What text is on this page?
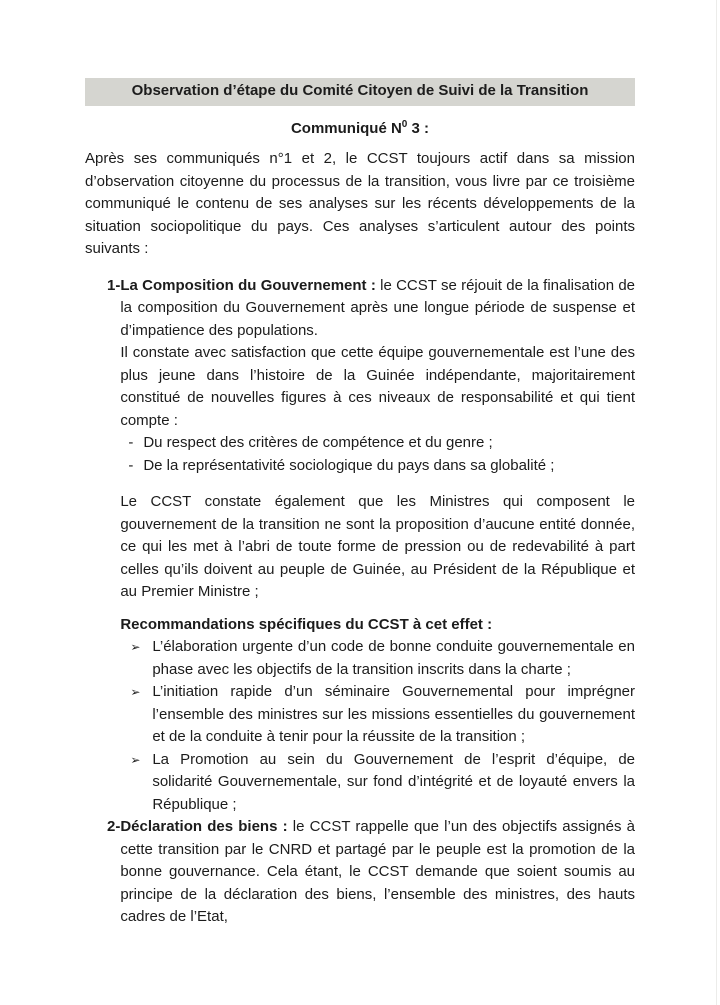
Observation d’étape du Comité Citoyen de Suivi de la Transition
Communiqué $N^0$ 3 :
Après ses communiqués n°1 et 2, le CCST toujours actif dans sa mission d’observation citoyenne du processus de la transition, vous livre par ce troisième communiqué le contenu de ses analyses sur les récents développements de la situation sociopolitique du pays. Ces analyses s’articulent autour des points suivants :
1- La Composition du Gouvernement : le CCST se réjouit de la finalisation de la composition du Gouvernement après une longue période de suspense et d’impatience des populations.
Il constate avec satisfaction que cette équipe gouvernementale est l’une des plus jeune dans l’histoire de la Guinée indépendante, majoritairement constitué de nouvelles figures à ces niveaux de responsabilité et qui tient compte :
- Du respect des critères de compétence et du genre ;
- De la représentativité sociologique du pays dans sa globalité ;
Le CCST constate également que les Ministres qui composent le gouvernement de la transition ne sont la proposition d’aucune entité donnée, ce qui les met à l’abri de toute forme de pression ou de redevabilité à part celles qu’ils doivent au peuple de Guinée, au Président de la République et au Premier Ministre ;
Recommandations spécifiques du CCST à cet effet :
➢ L’élaboration urgente d’un code de bonne conduite gouvernementale en phase avec les objectifs de la transition inscrits dans la charte ;
➢ L’initiation rapide d’un séminaire Gouvernemental pour imprégner l’ensemble des ministres sur les missions essentielles du gouvernement et de la conduite à tenir pour la réussite de la transition ;
➢ La Promotion au sein du Gouvernement de l’esprit d’équipe, de solidarité Gouvernementale, sur fond d’intégrité et de loyauté envers la République ;
2- Déclaration des biens : le CCST rappelle que l’un des objectifs assignés à cette transition par le CNRD et partagé par le peuple est la promotion de la bonne gouvernance. Cela étant, le CCST demande que soient soumis au principe de la déclaration des biens, l’ensemble des ministres, des hauts cadres de l’Etat,
